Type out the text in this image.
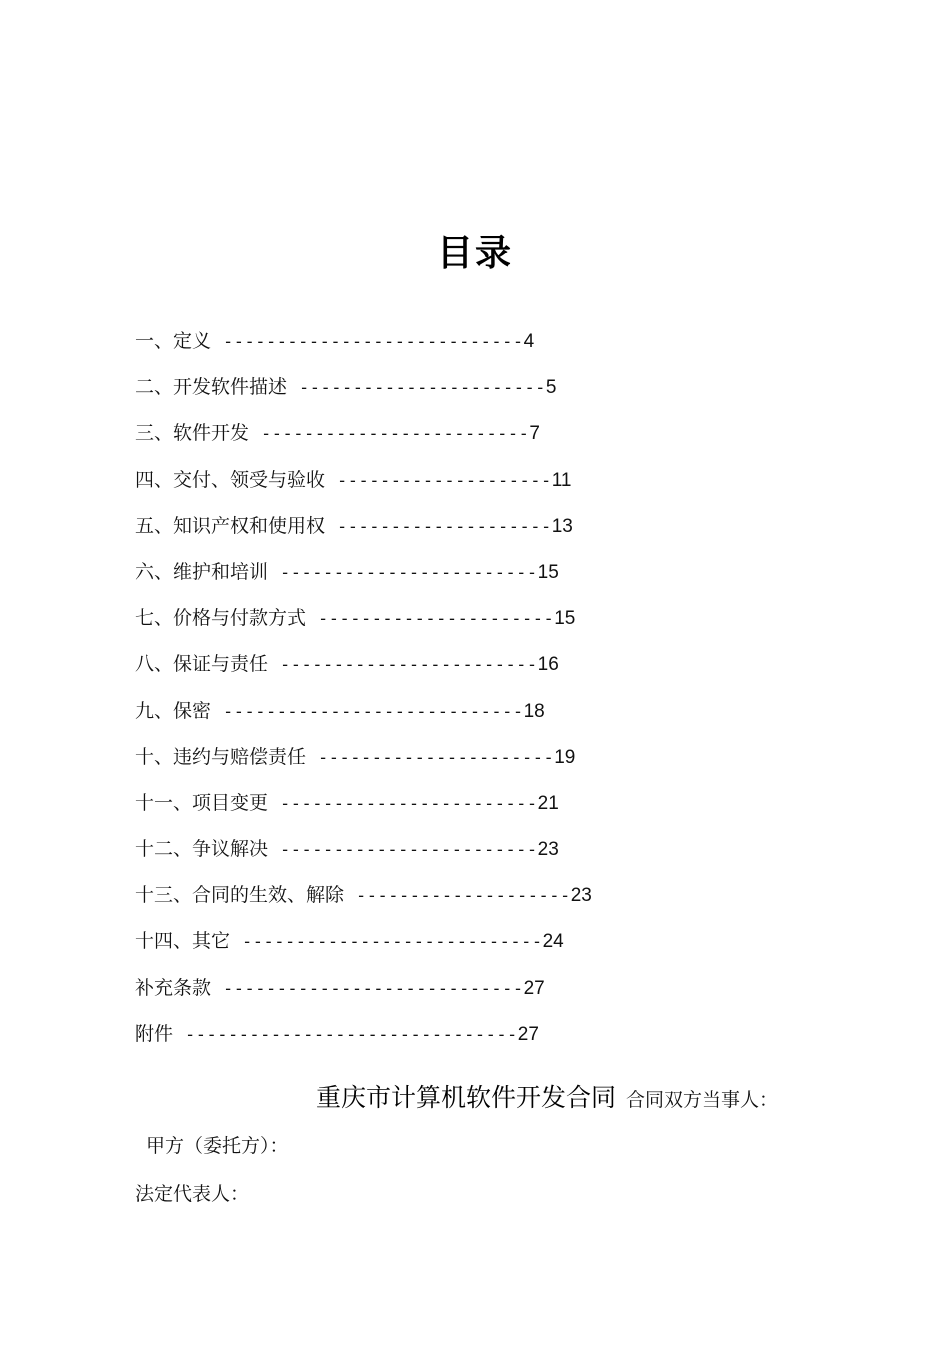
目录
一、定义 ----------------------------4
二、开发软件描述 -----------------------5
三、软件开发 -------------------------7
四、交付、领受与验收 --------------------11
五、知识产权和使用权 --------------------13
六、维护和培训 ------------------------15
七、价格与付款方式 ----------------------15
八、保证与责任 ------------------------16
九、保密 ----------------------------18
十、违约与赔偿责任 ----------------------19
十一、项目变更 ------------------------21
十二、争议解决 ------------------------23
十三、合同的生效、解除 --------------------23
十四、其它 ----------------------------24
补充条款 ----------------------------27
附件 -------------------------------27
重庆市计算机软件开发合同 合同双方当事人：
甲方（委托方）：
法定代表人：
